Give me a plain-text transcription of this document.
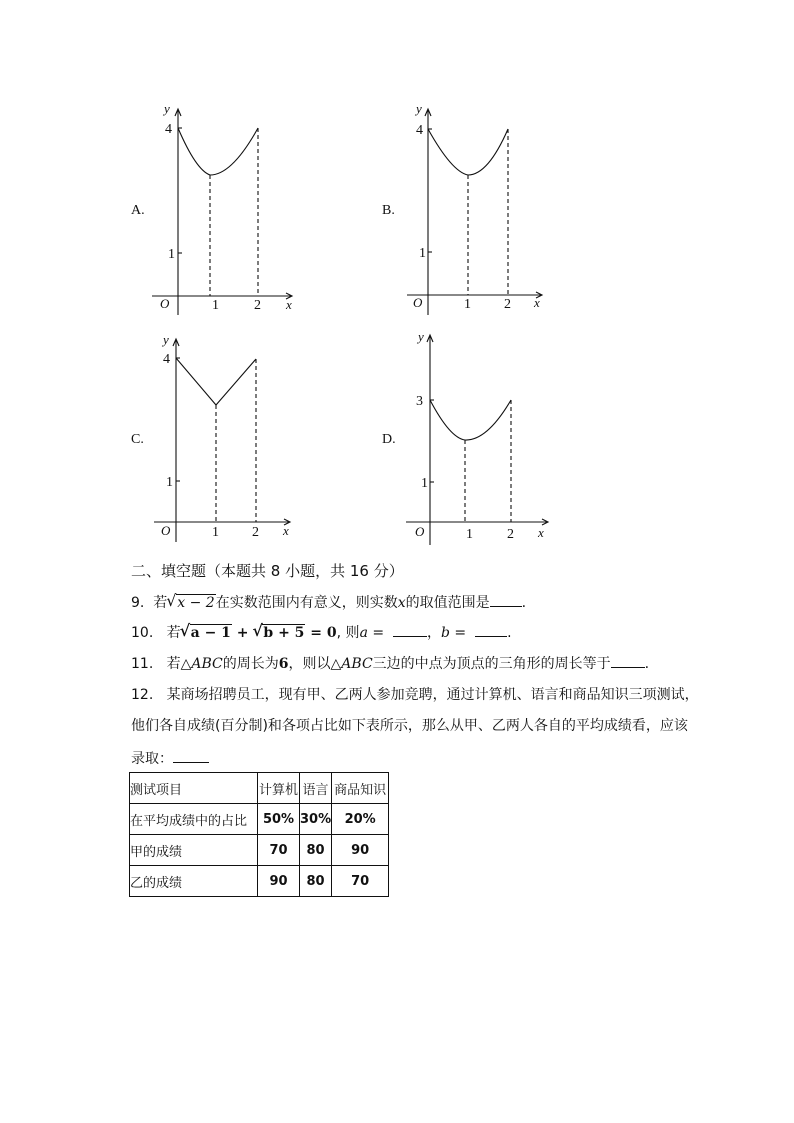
A.	B.
C.	D.
y
4
1
O	1	2 x
y
4
1
O	1 2 x
y
4
1
O	1 2 x
y
3
1
O	1 2 x
二、填空题（本题共 8 小题，共 16 分）
9. 若 √ x − 2在实数范围内有意义，则实数x的取值范围是 .
10. 若 √ a − 1 + √ b + 5 = 0, 则a =	，b =	.
11. 若△ABC的周长为6，则以△ABC三边的中点为顶点的三角形的周长等于 .
12. 某商场招聘员工，现有甲、乙两人参加竞聘，通过计算机、语言和商品知识三项测试，
他们各自成绩(百分制)和各项占比如下表所示，那么从甲、乙两人各自的平均成绩看，应该
录取：
测试项目	计算机	语言	商品知识
在平均成绩中的占比	50%	30%	20%
甲的成绩	70	80	90
乙的成绩	90	80	70
